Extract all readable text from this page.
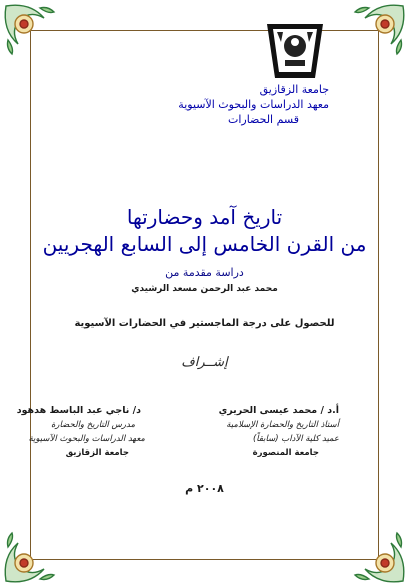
جامعة الزقازيق
معهد الدراسات والبحوث الآسيوية
قسم الحضارات
تاريخ آمد وحضارتها
من القرن الخامس إلى السابع الهجريين
دراسة مقدمة من
محمد عبد الرحمن مسعد الرشيدي
للحصول على درجة الماجستير في الحضارات الآسيوية
إشــراف
أ.د / محمد عيسى الحريري
أستاذ التاريخ والحضارة الإسلامية
عميد كلية الآداب (سابقاً)
جامعة المنصورة
د/ ناجي عبد الباسط هدهود
مدرس التاريخ والحضارة
معهد الدراسات والبحوث الآسيوية
جامعة الزقازيق
٢٠٠٨ م
